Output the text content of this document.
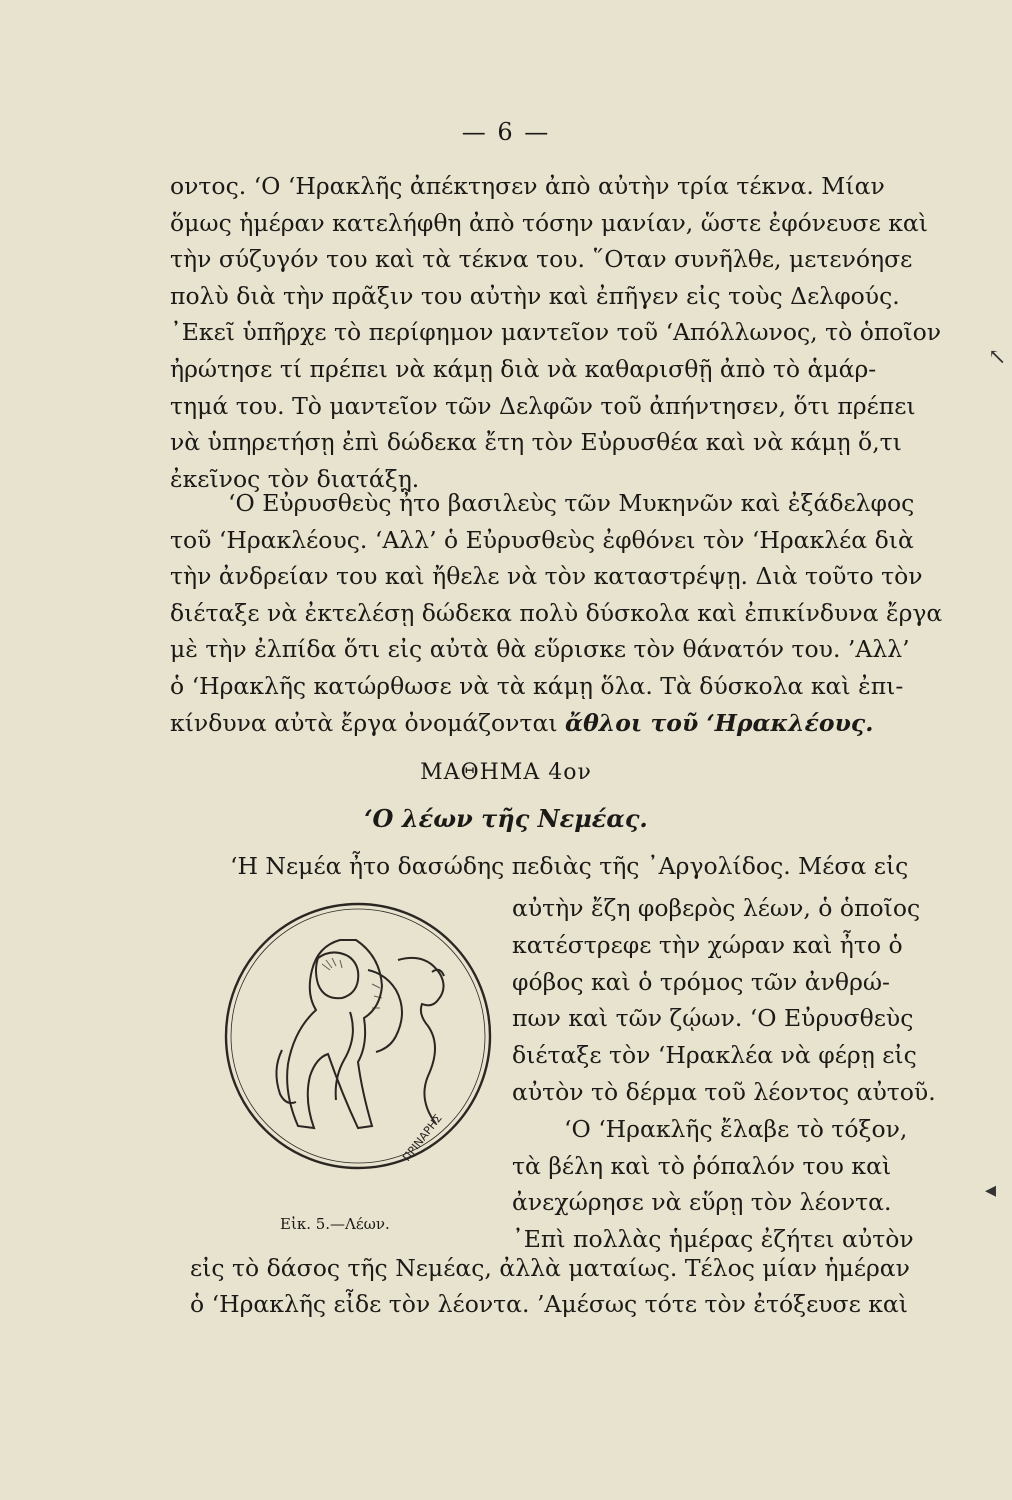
— 6 —
οντος. ‘Ο ‘Ηρακλῆς ἀπέκτησεν ἀπὸ αὐτὴν τρία τέκνα. Μίαν
ὅμως ἡμέραν κατελήφθη ἀπὸ τόσην μανίαν, ὥστε ἐφόνευσε καὶ
τὴν σύζυγόν του καὶ τὰ τέκνα του. ῞Οταν συνῆλθε, μετενόησε
πολὺ διὰ τὴν πρᾶξιν του αὐτὴν καὶ ἐπῆγεν εἰς τοὺς Δελφούς.
᾿Εκεῖ ὑπῆρχε τὸ περίφημον μαντεῖον τοῦ ‘Απόλλωνος, τὸ ὁποῖον
ἠρώτησε τί πρέπει νὰ κάμῃ διὰ νὰ καθαρισθῇ ἀπὸ τὸ ἁμάρ-
τημά του. Τὸ μαντεῖον τῶν Δελφῶν τοῦ ἀπήντησεν, ὅτι πρέπει
νὰ ὑπηρετήσῃ ἐπὶ δώδεκα ἔτη τὸν Εὐρυσθέα καὶ νὰ κάμῃ ὅ,τι
ἐκεῖνος τὸν διατάξῃ.
‘Ο Εὐρυσθεὺς ἦτο βασιλεὺς τῶν Μυκηνῶν καὶ ἐξάδελφος
τοῦ ‘Ηρακλέους. ‘Αλλ’ ὁ Εὐρυσθεὺς ἐφθόνει τὸν ‘Ηρακλέα διὰ
τὴν ἀνδρείαν του καὶ ἤθελε νὰ τὸν καταστρέψῃ. Διὰ τοῦτο τὸν
διέταξε νὰ ἐκτελέσῃ δώδεκα πολὺ δύσκολα καὶ ἐπικίνδυνα ἔργα
μὲ τὴν ἐλπίδα ὅτι εἰς αὐτὰ θὰ εὕρισκε τὸν θάνατόν του. ’Αλλ’
ὁ ‘Ηρακλῆς κατώρθωσε νὰ τὰ κάμῃ ὅλα. Τὰ δύσκολα καὶ ἐπι-
κίνδυνα αὐτὰ ἔργα ὀνομάζονται ἄθλοι τοῦ ‘Ηρακλέους.
ΜΑΘΗΜΑ 4ον
‘Ο λέων τῆς Νεμέας.
‘Η Νεμέα ἦτο δασώδης πεδιὰς τῆς ᾿Αργολίδος. Μέσα εἰς
ΠΡΙΝΑΡΗΣ
Εἰκ. 5.—Λέων.
αὐτὴν ἔζη φοβερὸς λέων, ὁ ὁποῖος
κατέστρεφε τὴν χώραν καὶ ἦτο ὁ
φόβος καὶ ὁ τρόμος τῶν ἀνθρώ-
πων καὶ τῶν ζῴων. ‘Ο Εὐρυσθεὺς
διέταξε τὸν ‘Ηρακλέα νὰ φέρῃ εἰς
αὐτὸν τὸ δέρμα τοῦ λέοντος αὐτοῦ.
‘Ο ‘Ηρακλῆς ἔλαβε τὸ τόξον,
τὰ βέλη καὶ τὸ ῥόπαλόν του καὶ
ἀνεχώρησε νὰ εὕρῃ τὸν λέοντα.
᾿Επὶ πολλὰς ἡμέρας ἐζήτει αὐτὸν
εἰς τὸ δάσος τῆς Νεμέας, ἀλλὰ ματαίως. Τέλος μίαν ἡμέραν
ὁ ‘Ηρακλῆς εἶδε τὸν λέοντα. ’Αμέσως τότε τὸν ἐτόξευσε καὶ
↖
◂
